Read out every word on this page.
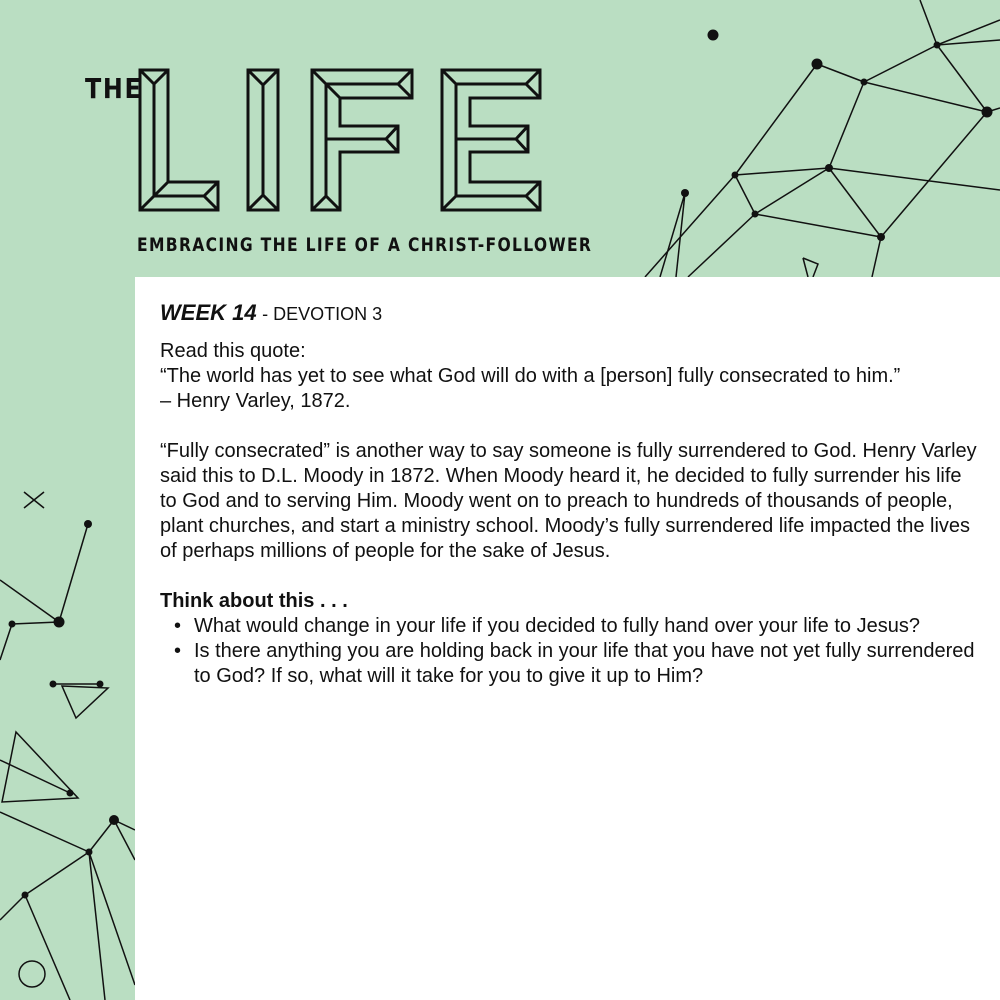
THE
EMBRACING THE LIFE OF A CHRIST-FOLLOWER
WEEK 14 - DEVOTION 3

Read this quote:

“The world has yet to see what God will do with a [person] fully consecrated to him.”

– Henry Varley, 1872.

“Fully consecrated” is another way to say someone is fully surrendered to God. Henry Varley said this to D.L. Moody in 1872. When Moody heard it, he decided to fully surrender his life to God and to serving Him. Moody went on to preach to hundreds of thousands of people, plant churches, and start a ministry school. Moody’s fully surrendered life impacted the lives of perhaps millions of people for the sake of Jesus.

Think about this . . .

• What would change in your life if you decided to fully hand over your life to Jesus?
• Is there anything you are holding back in your life that you have not yet fully surrendered to God? If so, what will it take for you to give it up to Him?
